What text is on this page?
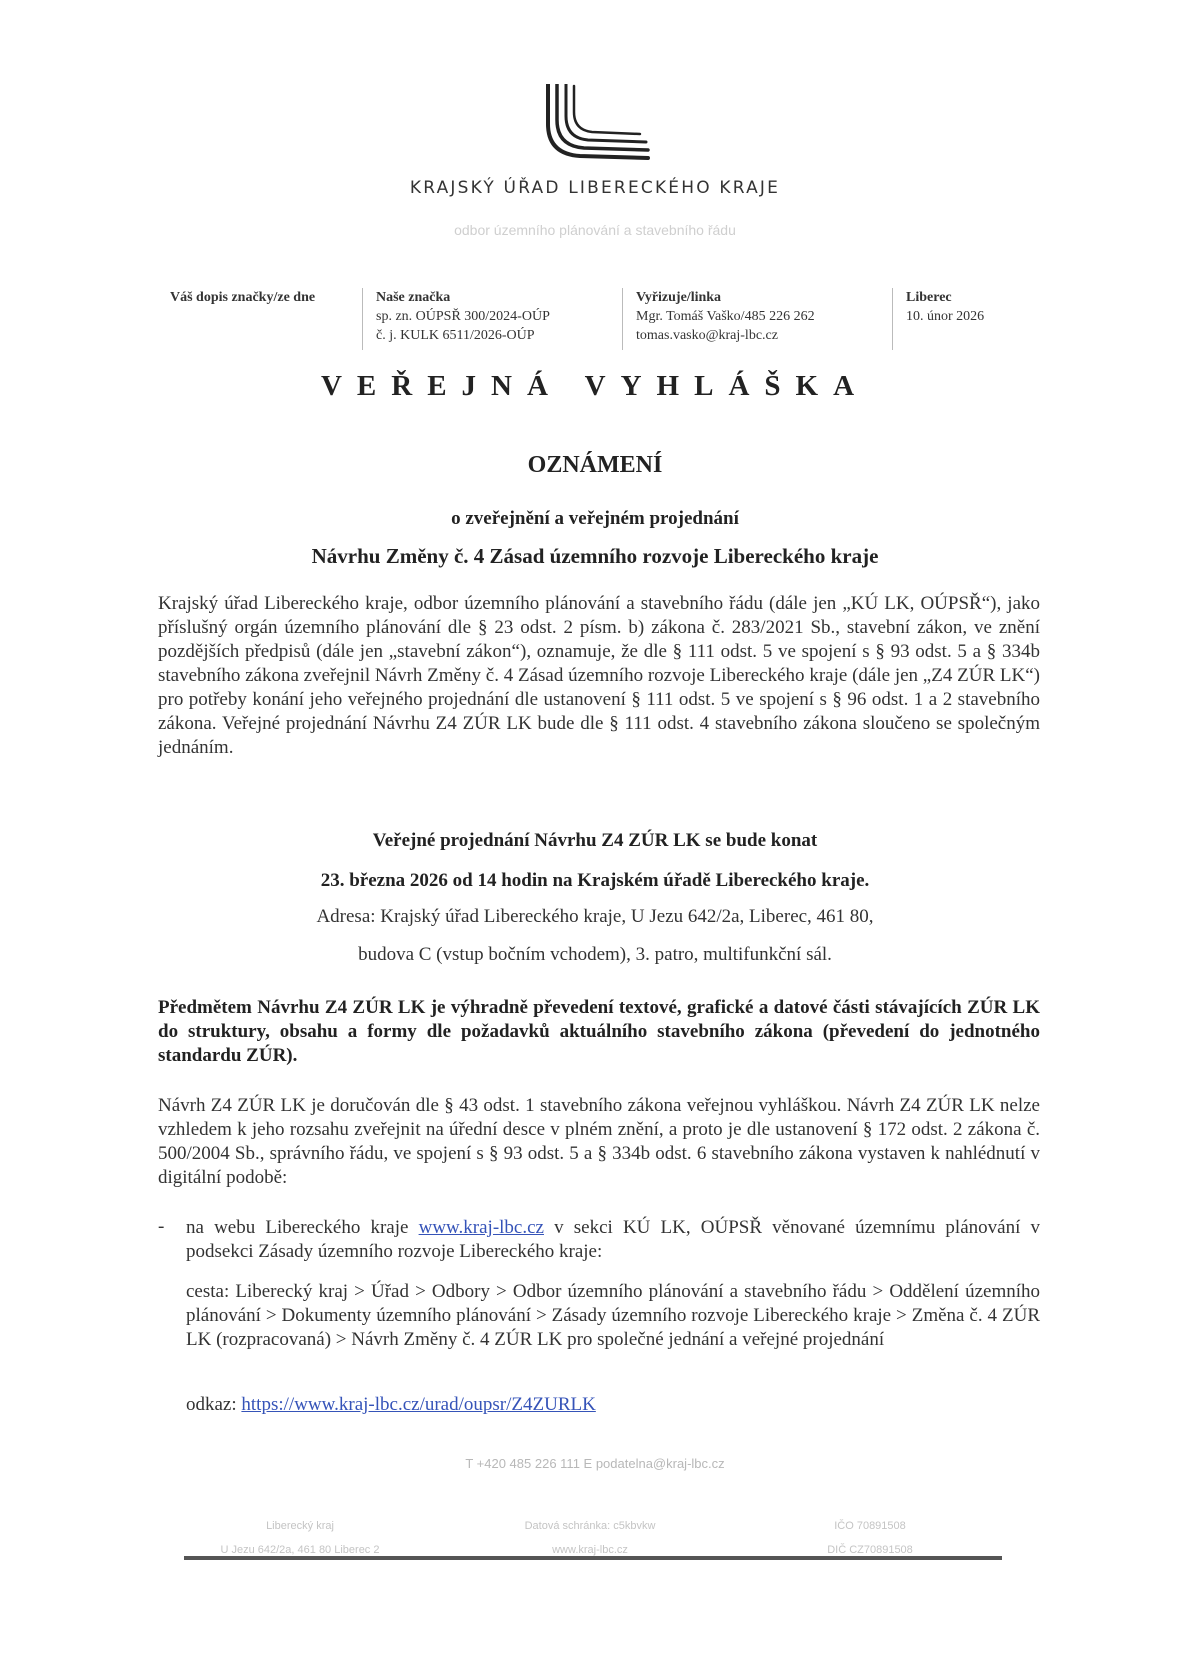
KRAJSKÝ ÚŘAD LIBERECKÉHO KRAJE
odbor územního plánování a stavebního řádu
Váš dopis značky/ze dne	Naše značka
sp. zn. OÚPSŘ 300/2024-OÚP
č. j. KULK 6511/2026-OÚP
Vyřizuje/linka
Mgr. Tomáš Vaško/485 226 262
tomas.vasko@kraj-lbc.cz
Liberec
10. únor 2026
VEŘEJNÁ VYHLÁŠKA
OZNÁMENÍ
o zveřejnění a veřejném projednání
Návrhu Změny č. 4 Zásad územního rozvoje Libereckého kraje
Krajský úřad Libereckého kraje, odbor územního plánování a stavebního řádu (dále jen „KÚ LK, OÚPSŘ“), jako příslušný orgán územního plánování dle § 23 odst. 2 písm. b) zákona č. 283/2021 Sb., stavební zákon, ve znění pozdějších předpisů (dále jen „stavební zákon“), oznamuje, že dle § 111 odst. 5 ve spojení s § 93 odst. 5 a § 334b stavebního zákona zveřejnil Návrh Změny č. 4 Zásad územního rozvoje Libereckého kraje (dále jen „Z4 ZÚR LK“) pro potřeby konání jeho veřejného projednání dle ustanovení § 111 odst. 5 ve spojení s § 96 odst. 1 a 2 stavebního zákona. Veřejné projednání Návrhu Z4 ZÚR LK bude dle § 111 odst. 4 stavebního zákona sloučeno se společným jednáním.
Veřejné projednání Návrhu Z4 ZÚR LK se bude konat
23. března 2026 od 14 hodin na Krajském úřadě Libereckého kraje.
Adresa: Krajský úřad Libereckého kraje, U Jezu 642/2a, Liberec, 461 80,
budova C (vstup bočním vchodem), 3. patro, multifunkční sál.
Předmětem Návrhu Z4 ZÚR LK je výhradně převedení textové, grafické a datové části stávajících ZÚR LK do struktury, obsahu a formy dle požadavků aktuálního stavebního zákona (převedení do jednotného standardu ZÚR).
Návrh Z4 ZÚR LK je doručován dle § 43 odst. 1 stavebního zákona veřejnou vyhláškou. Návrh Z4 ZÚR LK nelze vzhledem k jeho rozsahu zveřejnit na úřední desce v plném znění, a proto je dle ustanovení § 172 odst. 2 zákona č. 500/2004 Sb., správního řádu, ve spojení s § 93 odst. 5 a § 334b odst. 6 stavebního zákona vystaven k nahlédnutí v digitální podobě:
- na webu Libereckého kraje www.kraj-lbc.cz v sekci KÚ LK, OÚPSŘ věnované územnímu plánování v podsekci Zásady územního rozvoje Libereckého kraje:
cesta: Liberecký kraj > Úřad > Odbory > Odbor územního plánování a stavebního řádu > Oddělení územního plánování > Dokumenty územního plánování > Zásady územního rozvoje Libereckého kraje > Změna č. 4 ZÚR LK (rozpracovaná) > Návrh Změny č. 4 ZÚR LK pro společné jednání a veřejné projednání
odkaz: https://www.kraj-lbc.cz/urad/oupsr/Z4ZURLK
T +420 485 226 111 E podatelna@kraj-lbc.cz
Liberecký kraj
U Jezu 642/2a, 461 80 Liberec 2
Datová schránka: c5kbvkw
www.kraj-lbc.cz
IČO 70891508
DIČ CZ70891508
